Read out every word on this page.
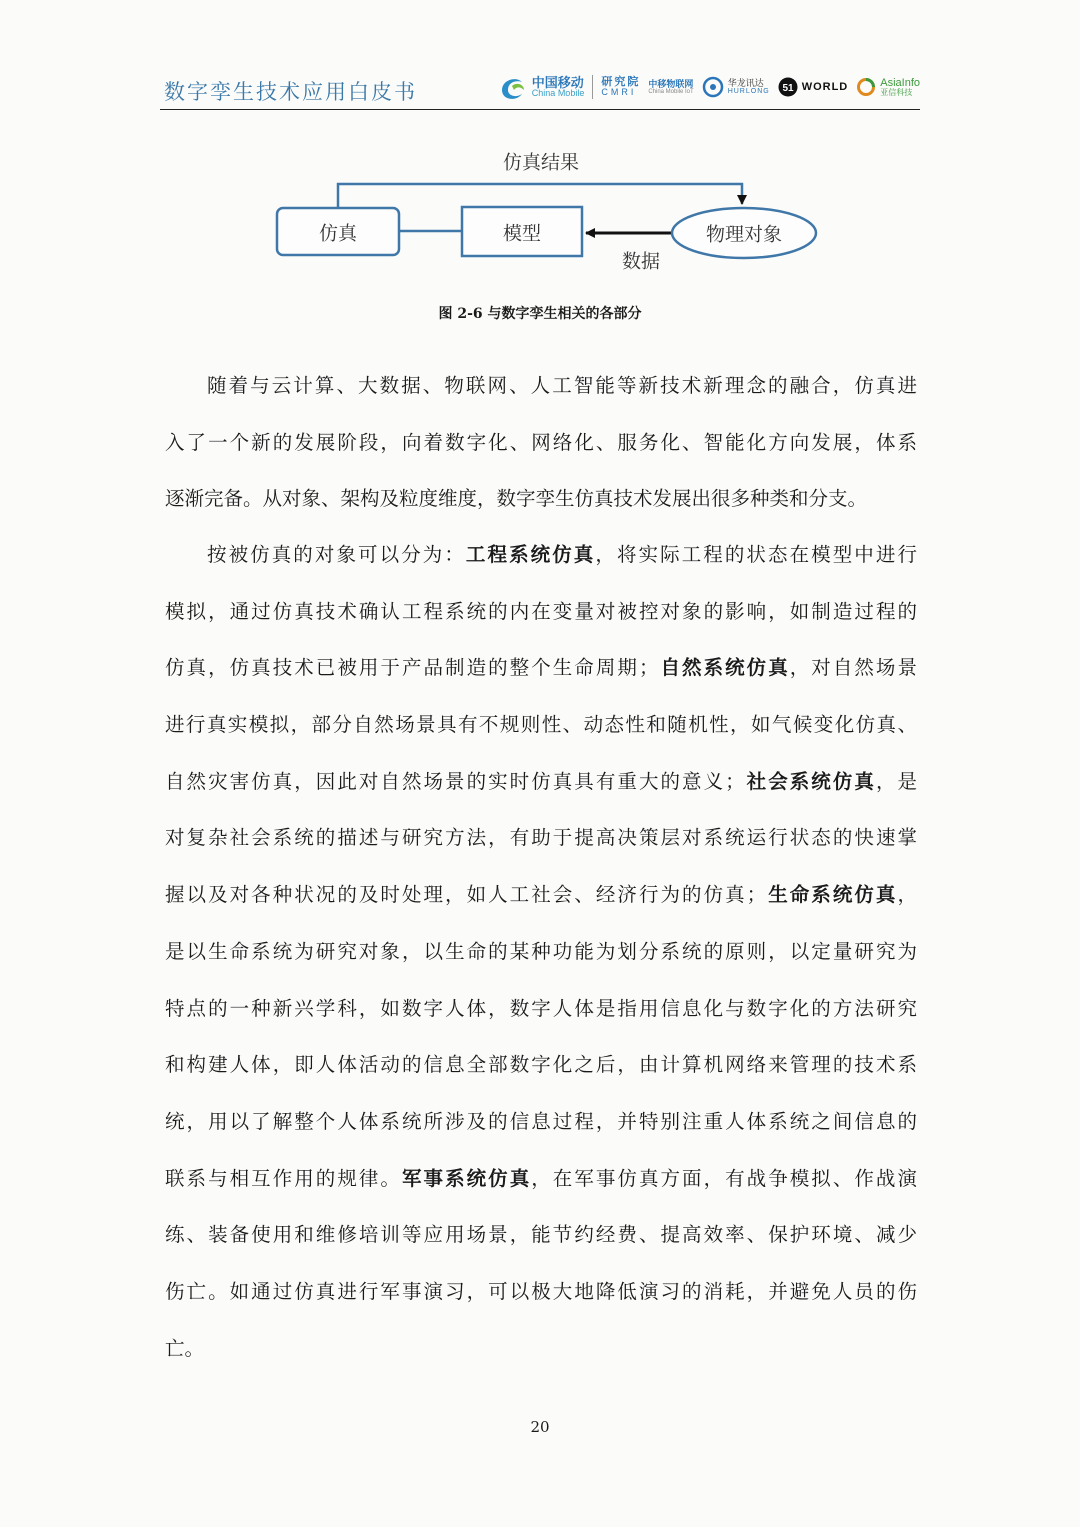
数字孪生技术应用白皮书	中国移动
China Mobile
研究院
CMRI
中移物联网
China Mobile IoT
华龙讯达
HURLONG 51 WORLD	AsiaInfo
亚信科技
仿真结果
仿真	模型	物理对象
数据
图 2-6 与数字孪生相关的各部分
随着与云计算、大数据、物联网、人工智能等新技术新理念的融合，仿真进
入了一个新的发展阶段，向着数字化、网络化、服务化、智能化方向发展，体系
逐渐完备。从对象、架构及粒度维度，数字孪生仿真技术发展出很多种类和分支。
按被仿真的对象可以分为：工程系统仿真，将实际工程的状态在模型中进行
模拟，通过仿真技术确认工程系统的内在变量对被控对象的影响，如制造过程的
仿真，仿真技术已被用于产品制造的整个生命周期；自然系统仿真，对自然场景
进行真实模拟，部分自然场景具有不规则性、动态性和随机性，如气候变化仿真、
自然灾害仿真，因此对自然场景的实时仿真具有重大的意义；社会系统仿真，是
对复杂社会系统的描述与研究方法，有助于提高决策层对系统运行状态的快速掌
握以及对各种状况的及时处理，如人工社会、经济行为的仿真；生命系统仿真，
是以生命系统为研究对象，以生命的某种功能为划分系统的原则，以定量研究为
特点的一种新兴学科，如数字人体，数字人体是指用信息化与数字化的方法研究
和构建人体，即人体活动的信息全部数字化之后，由计算机网络来管理的技术系
统，用以了解整个人体系统所涉及的信息过程，并特别注重人体系统之间信息的
联系与相互作用的规律。军事系统仿真，在军事仿真方面，有战争模拟、作战演
练、装备使用和维修培训等应用场景，能节约经费、提高效率、保护环境、减少
伤亡。如通过仿真进行军事演习，可以极大地降低演习的消耗，并避免人员的伤
亡。
20
